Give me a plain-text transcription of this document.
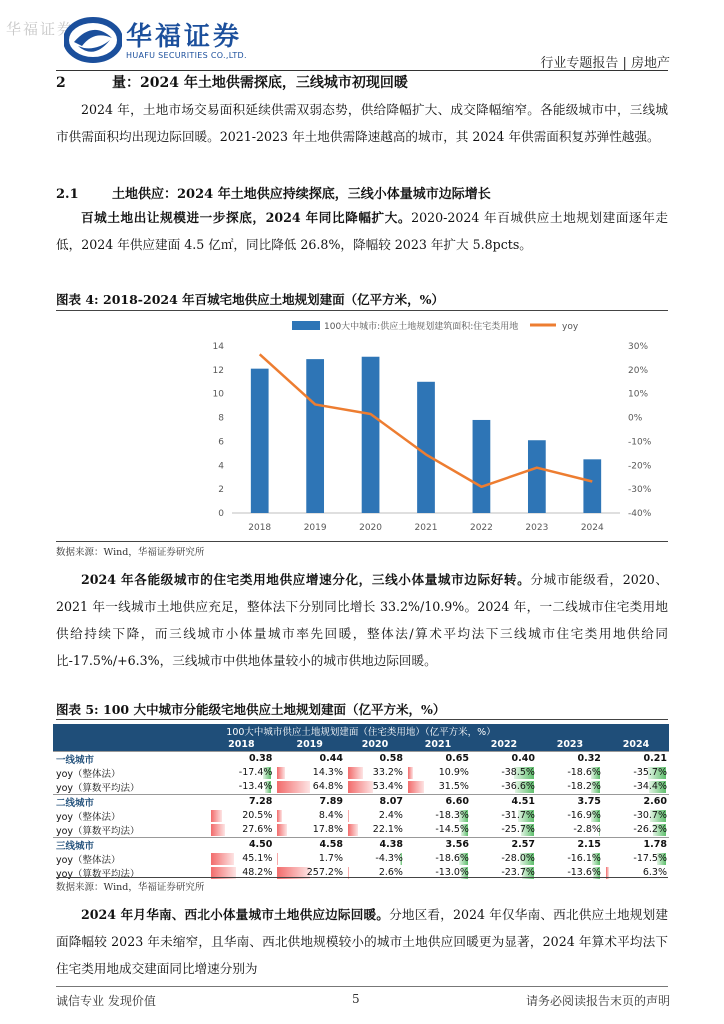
华福证券 华福证券
HUAFU SECURITIES CO.,LTD.
行业专题报告 | 房地产
2	量：2024 年土地供需探底，三线城市初现回暖

2024 年，土地市场交易面积延续供需双弱态势，供给降幅扩大、成交降幅缩窄。各能级城市中，三线城市供需面积均出现边际回暖。2021-2023 年土地供需降速越高的城市，其 2024 年供需面积复苏弹性越强。

2.1	土地供应：2024 年土地供应持续探底，三线小体量城市边际增长

百城土地出让规模进一步探底，2024 年同比降幅扩大。2020-2024 年百城供应土地规划建面逐年走低，2024 年供应建面 4.5 亿㎡，同比降低 26.8%，降幅较 2023 年扩大 5.8pcts。

图表 4: 2018-2024 年百城宅地供应土地规划建面（亿平方米，%）
100大中城市:供应土地规划建筑面积:住宅类用地	yoy
0
2
4
6
8
10
12
14
-40%
-30%
-20%
-10%
0%
10%
20%
30%
2018	2019	2020	2021	2022	2023	2024
数据来源：Wind，华福证券研究所

2024 年各能级城市的住宅类用地供应增速分化，三线小体量城市边际好转。分城市能级看，2020、2021 年一线城市土地供应充足，整体法下分别同比增长 33.2%/10.9%。2024 年，一二线城市住宅类用地供给持续下降，而三线城市小体量城市率先回暖，整体法/算术平均法下三线城市住宅类用地供给同比-17.5%/+6.3%，三线城市中供地体量较小的城市供地边际回暖。

图表 5: 100 大中城市分能级宅地供应土地规划建面（亿平方米，%）
100大中城市供应土地规划建面（住宅类用地）（亿平方米，%）							
	2018	2019	2020	2021	2022	2023	2024
一线城市	0.38	0.44	0.58	0.65	0.40	0.32	0.21
yoy（整体法）	-17.4%	14.3%	33.2%	10.9%	-38.5%	-18.6%	-35.7%
yoy（算数平均法）	-13.4%	64.8%	53.4%	31.5%	-36.6%	-18.2%	-34.4%
二线城市	7.28	7.89	8.07	6.60	4.51	3.75	2.60
yoy（整体法）	20.5%	8.4%	2.4%	-18.3%	-31.7%	-16.9%	-30.7%
yoy（算数平均法）	27.6%	17.8%	22.1%	-14.5%	-25.7%	-2.8%	-26.2%
三线城市	4.50	4.58	4.38	3.56	2.57	2.15	1.78
yoy（整体法）	45.1%	1.7%	-4.3%	-18.6%	-28.0%	-16.1%	-17.5%
yoy（算数平均法）	48.2%	257.2%	2.6%	-13.0%	-23.7%	-13.6%	6.3%
数据来源：Wind，华福证券研究所

2024 年月华南、西北小体量城市土地供应边际回暖。分地区看，2024 年仅华南、西北供应土地规划建面降幅较 2023 年未缩窄，且华南、西北供地规模较小的城市土地供应回暖更为显著，2024 年算术平均法下住宅类用地成交建面同比增速分别为

诚信专业 发现价值	5	请务必阅读报告末页的声明
